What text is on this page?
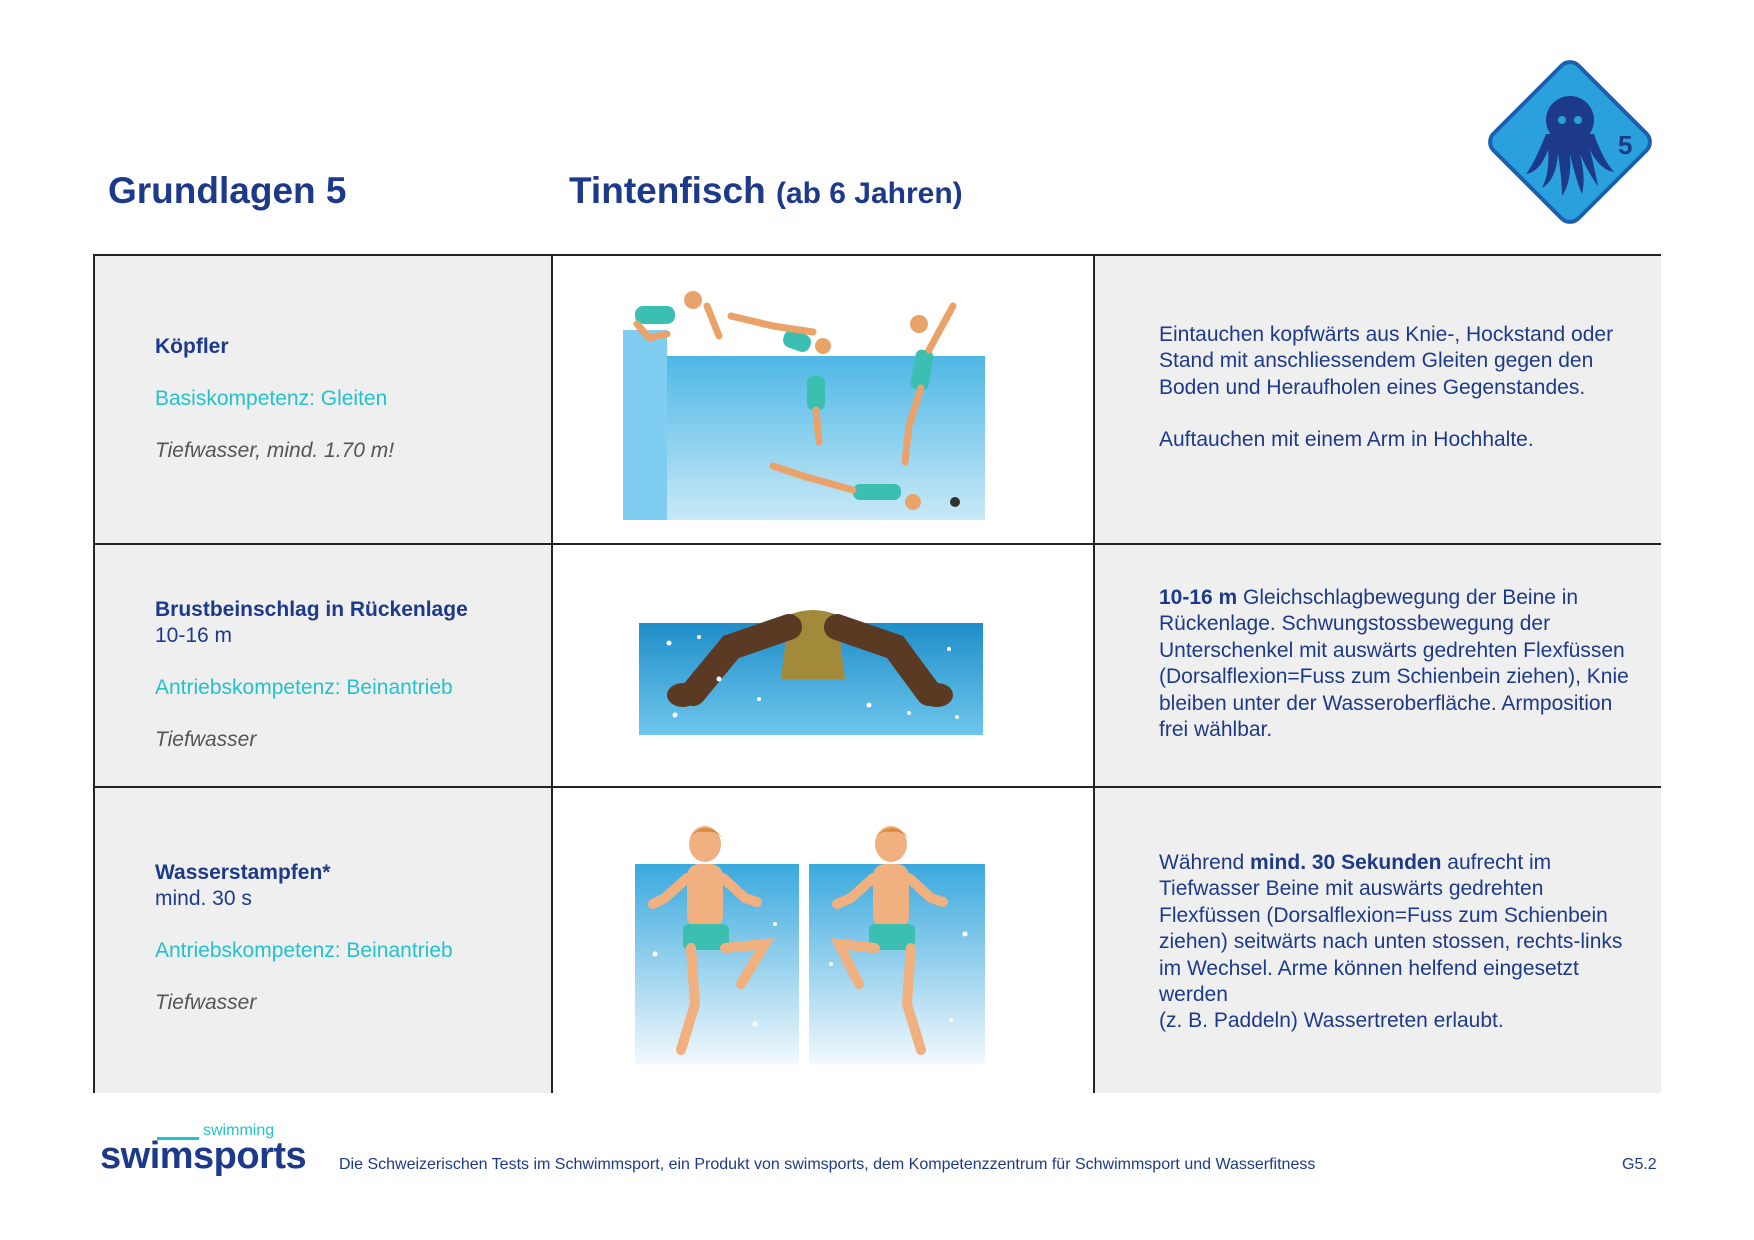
Grundlagen 5	Tintenfisch (ab 6 Jahren)
5
Köpfler
Basiskompetenz: Gleiten
Tiefwasser, mind. 1.70 m!

Eintauchen kopfwärts aus Knie-, Hockstand oder Stand mit anschliessendem Gleiten gegen den Boden und Heraufholen eines Gegenstandes.

Auftauchen mit einem Arm in Hochhalte.

Brustbeinschlag in Rückenlage
10-16 m
Antriebskompetenz: Beinantrieb
Tiefwasser

10-16 m Gleichschlagbewegung der Beine in Rückenlage. Schwungstossbewegung der Unterschenkel mit auswärts gedrehten Flexfüssen (Dorsalflexion=Fuss zum Schienbein ziehen), Knie bleiben unter der Wasseroberfläche. Armposition frei wählbar.

Wasserstampfen*
mind. 30 s
Antriebskompetenz: Beinantrieb
Tiefwasser

Während mind. 30 Sekunden aufrecht im Tiefwasser Beine mit auswärts gedrehten Flexfüssen (Dorsalflexion=Fuss zum Schienbein ziehen) seitwärts nach unten stossen, rechts-links im Wechsel. Arme können helfend eingesetzt werden
(z. B. Paddeln) Wassertreten erlaubt.

swimming
swimsports Die Schweizerischen Tests im Schwimmsport, ein Produkt von swimsports, dem Kompetenzzentrum für Schwimmsport und Wasserfitness	G5.2
